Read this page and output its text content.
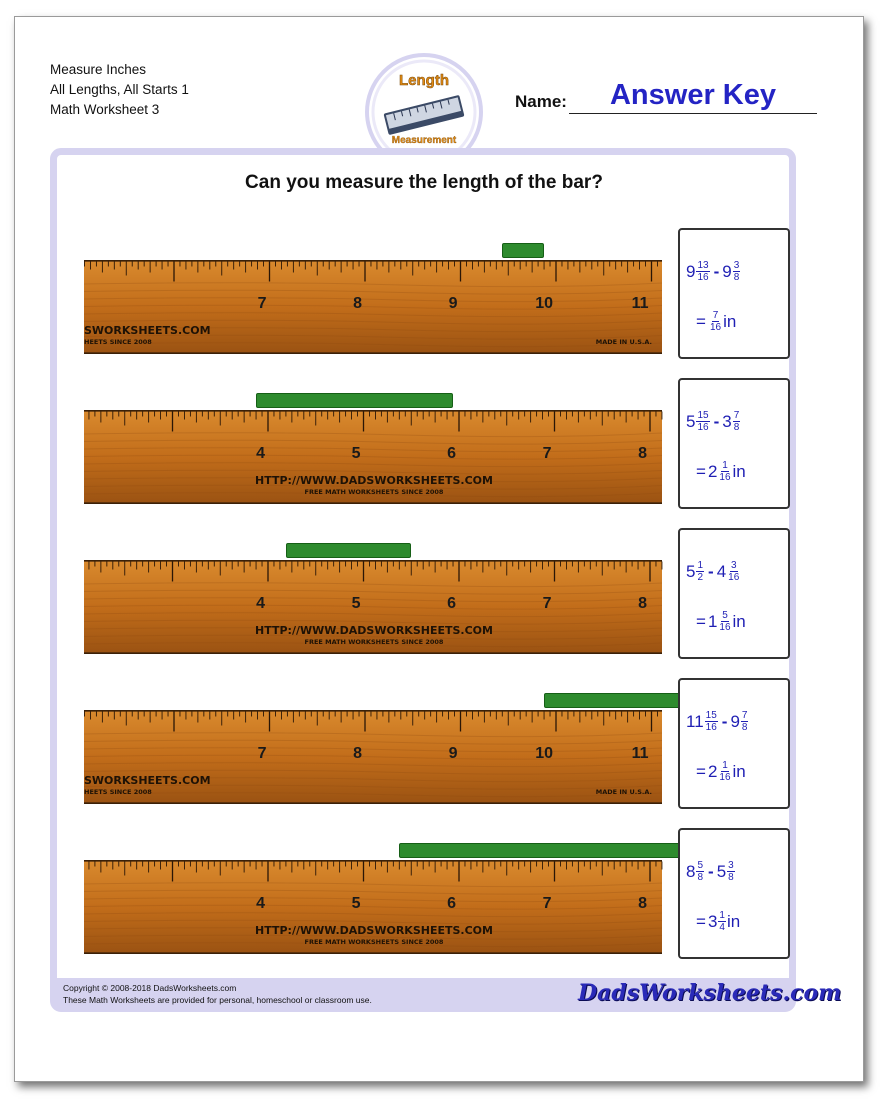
Measure Inches
All Lengths, All Starts 1
Math Worksheet 3
Length
Measurement
Name:	Answer Key
Can you measure the length of the bar?
7	8	9	10	11
SWORKSHEETS.COM
HEETS SINCE 2008	MADE IN U.S.A.
$9 \frac{13}{16} - 9 \frac{3}{8}$
= $\frac{7}{16}$ in
4	5	6	7	8
HTTP://WWW.DADSWORKSHEETS.COM
FREE MATH WORKSHEETS SINCE 2008
$5 \frac{15}{16} - 3 \frac{7}{8}$
= $2 \frac{1}{16}$ in
4	5	6	7	8
HTTP://WWW.DADSWORKSHEETS.COM
FREE MATH WORKSHEETS SINCE 2008
$5 \frac{1}{2} - 4 \frac{3}{16}$
= $1 \frac{5}{16}$ in
7	8	9	10	11
SWORKSHEETS.COM
HEETS SINCE 2008	MADE IN U.S.A.
$11 \frac{15}{16} - 9 \frac{7}{8}$
= $2 \frac{1}{16}$ in
4	5	6	7	8
HTTP://WWW.DADSWORKSHEETS.COM
FREE MATH WORKSHEETS SINCE 2008
$8 \frac{5}{8} - 5 \frac{3}{8}$
= $3 \frac{1}{4}$ in
Copyright © 2008-2018 DadsWorksheets.com
These Math Worksheets are provided for personal, homeschool or classroom use.	DadsWorksheets.com
